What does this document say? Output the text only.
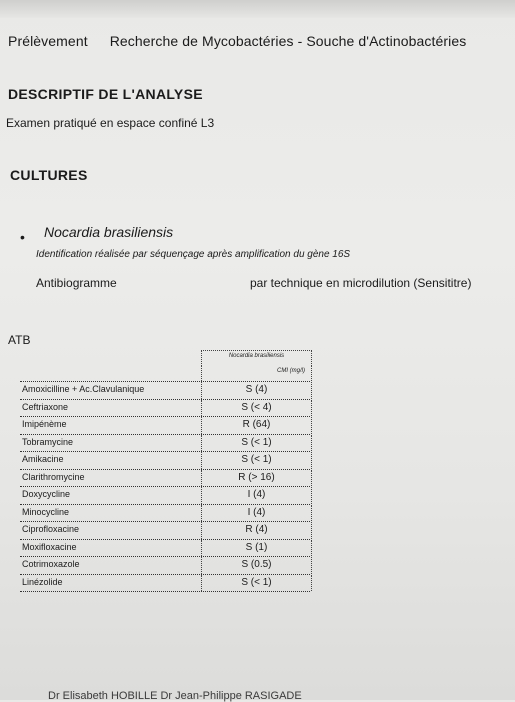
Prélèvement Recherche de Mycobactéries - Souche d'Actinobactéries
DESCRIPTIF DE L'ANALYSE
Examen pratiqué en espace confiné L3
CULTURES
• Nocardia brasiliensis
Identification réalisée par séquençage après amplification du gène 16S
Antibiogramme	par technique en microdilution (Sensititre)
ATB
Nocardia brasiliensis
CMI (mg/l)
Amoxicilline + Ac.Clavulanique	S (4)
Ceftriaxone	S (< 4)
Imipénème	R (64)
Tobramycine	S (< 1)
Amikacine	S (< 1)
Clarithromycine	R (> 16)
Doxycycline	I (4)
Minocycline	I (4)
Ciprofloxacine	R (4)
Moxifloxacine	S (1)
Cotrimoxazole	S (0.5)
Linézolide	S (< 1)
Dr Elisabeth HOBILLE Dr Jean-Philippe RASIGADE
